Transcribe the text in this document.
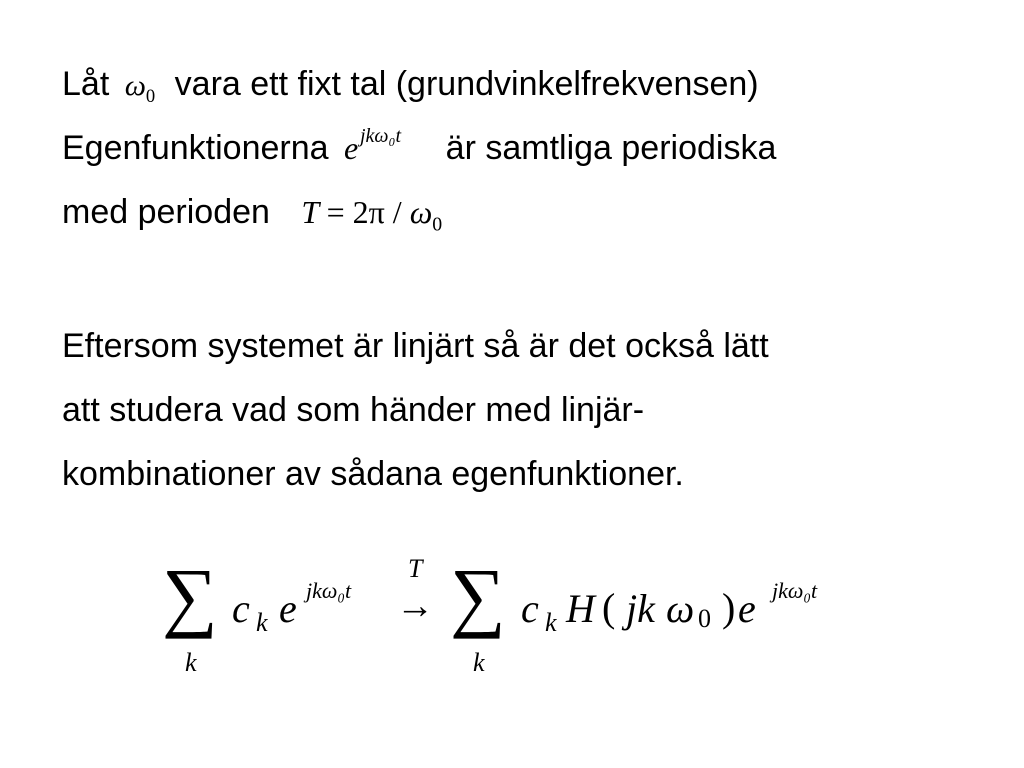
Låt $\omega_0$ vara ett fixt tal (grundvinkelfrekvensen)
Egenfunktionerna e jkω₀t är samtliga periodiska
med perioden $T = 2\pi / \omega_0$
Eftersom systemet är linjärt så är det också lätt
att studera vad som händer med linjär-
kombinationer av sådana egenfunktioner.
∑
k
c k e jkω₀t
T
→ ∑
k
c k H ( jk ω 0 ) e jkω₀t
